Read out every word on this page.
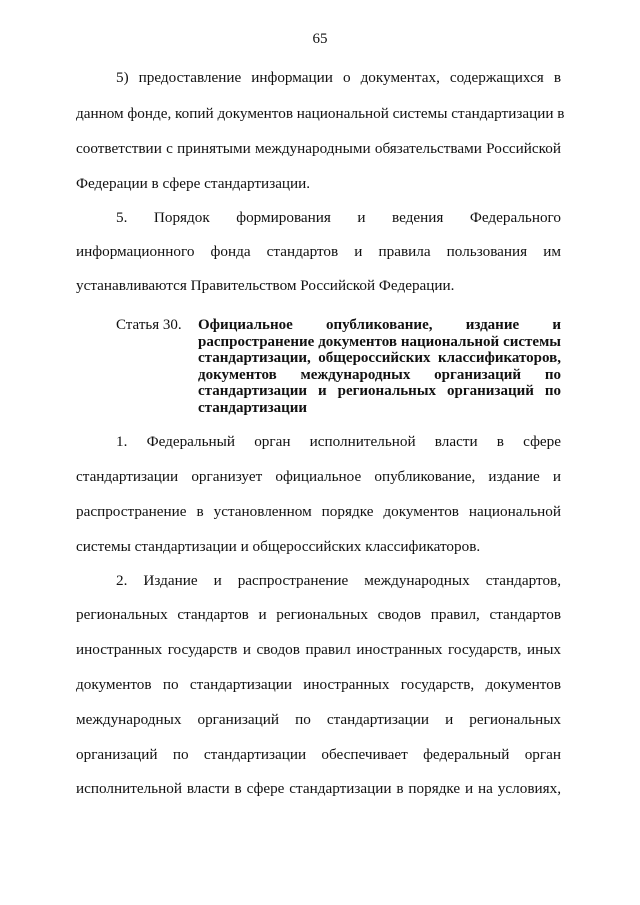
65
5) предоставление информации о документах, содержащихся в
данном фонде, копий документов национальной системы стандартизации в
соответствии с принятыми международными обязательствами Российской
Федерации в сфере стандартизации.
5. Порядок формирования и ведения Федерального
информационного фонда стандартов и правила пользования им
устанавливаются Правительством Российской Федерации.
Статья 30. Официальное опубликование, издание и
распространение документов национальной системы
стандартизации, общероссийских классификаторов,
документов международных организаций по
стандартизации и региональных организаций по
стандартизации
1. Федеральный орган исполнительной власти в сфере
стандартизации организует официальное опубликование, издание и
распространение в установленном порядке документов национальной
системы стандартизации и общероссийских классификаторов.
2. Издание и распространение международных стандартов,
региональных стандартов и региональных сводов правил, стандартов
иностранных государств и сводов правил иностранных государств, иных
документов по стандартизации иностранных государств, документов
международных организаций по стандартизации и региональных
организаций по стандартизации обеспечивает федеральный орган
исполнительной власти в сфере стандартизации в порядке и на условиях,
